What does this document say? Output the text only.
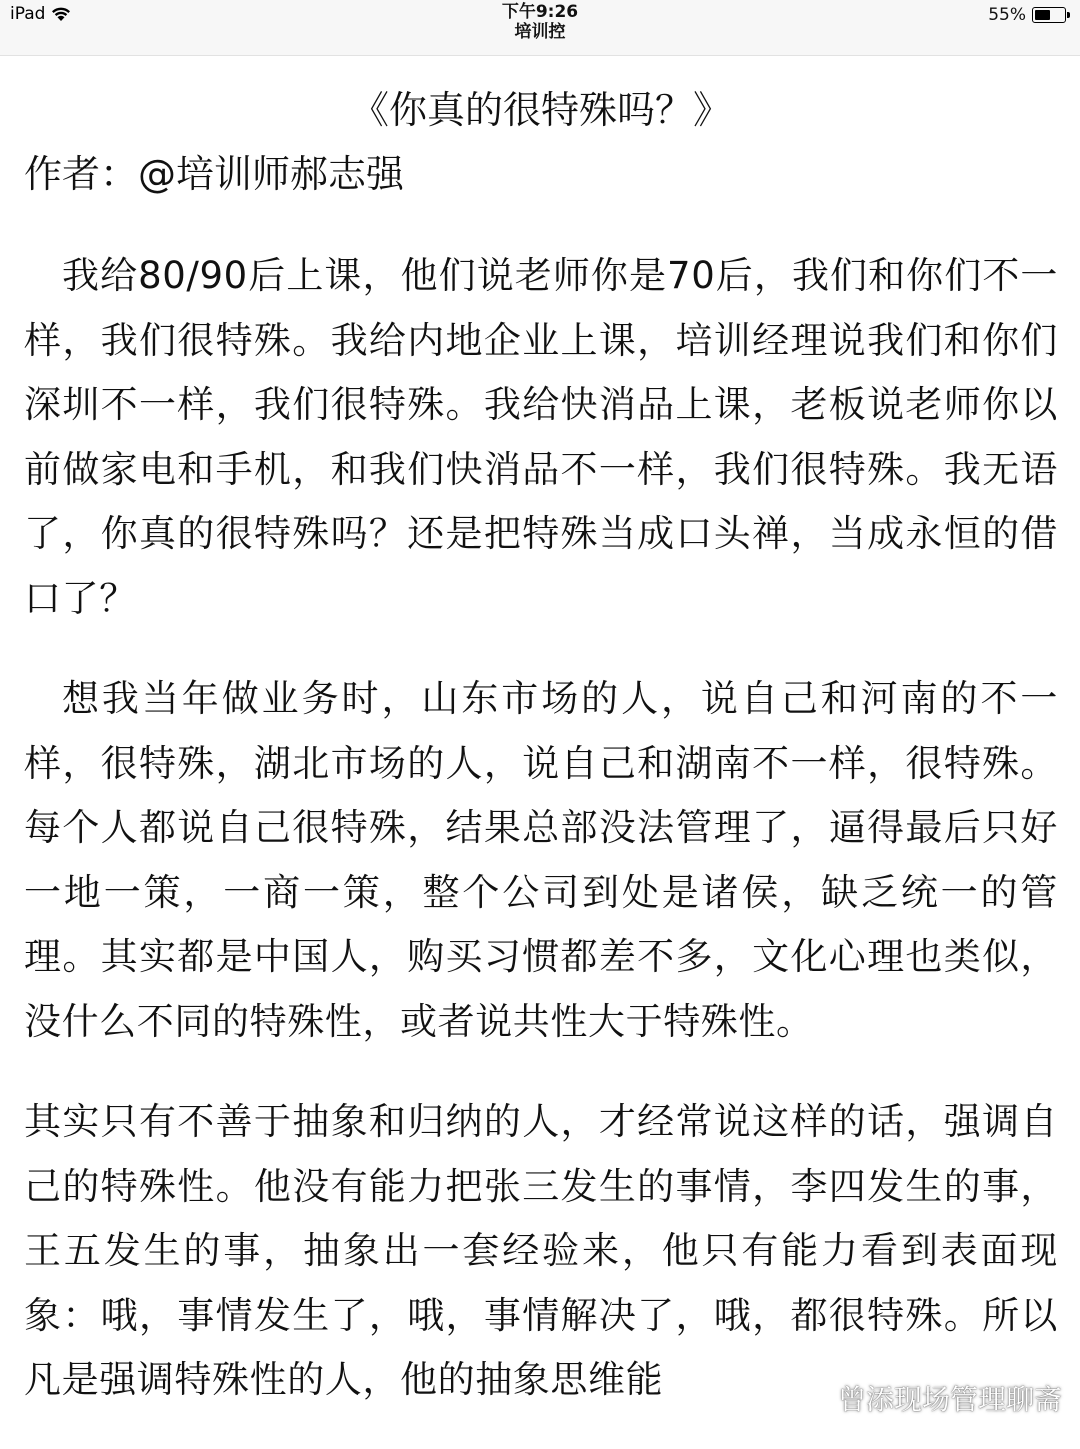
iPad	下午9:26
培训控
55%
《你真的很特殊吗？》
作者：@培训师郝志强

我给80/90后上课，他们说老师你是70后，我们和你们不一样，我们很特殊。我给内地企业上课，培训经理说我们和你们深圳不一样，我们很特殊。我给快消品上课，老板说老师你以前做家电和手机，和我们快消品不一样，我们很特殊。我无语了，你真的很特殊吗？还是把特殊当成口头禅，当成永恒的借口了？

想我当年做业务时，山东市场的人，说自己和河南的不一样，很特殊，湖北市场的人，说自己和湖南不一样，很特殊。每个人都说自己很特殊，结果总部没法管理了，逼得最后只好一地一策，一商一策，整个公司到处是诸侯，缺乏统一的管理。其实都是中国人，购买习惯都差不多，文化心理也类似，没什么不同的特殊性，或者说共性大于特殊性。

其实只有不善于抽象和归纳的人，才经常说这样的话，强调自己的特殊性。他没有能力把张三发生的事情，李四发生的事，王五发生的事，抽象出一套经验来，他只有能力看到表面现象：哦，事情发生了，哦，事情解决了，哦，都很特殊。所以凡是强调特殊性的人，他的抽象思维能	曾添现场管理聊斋
